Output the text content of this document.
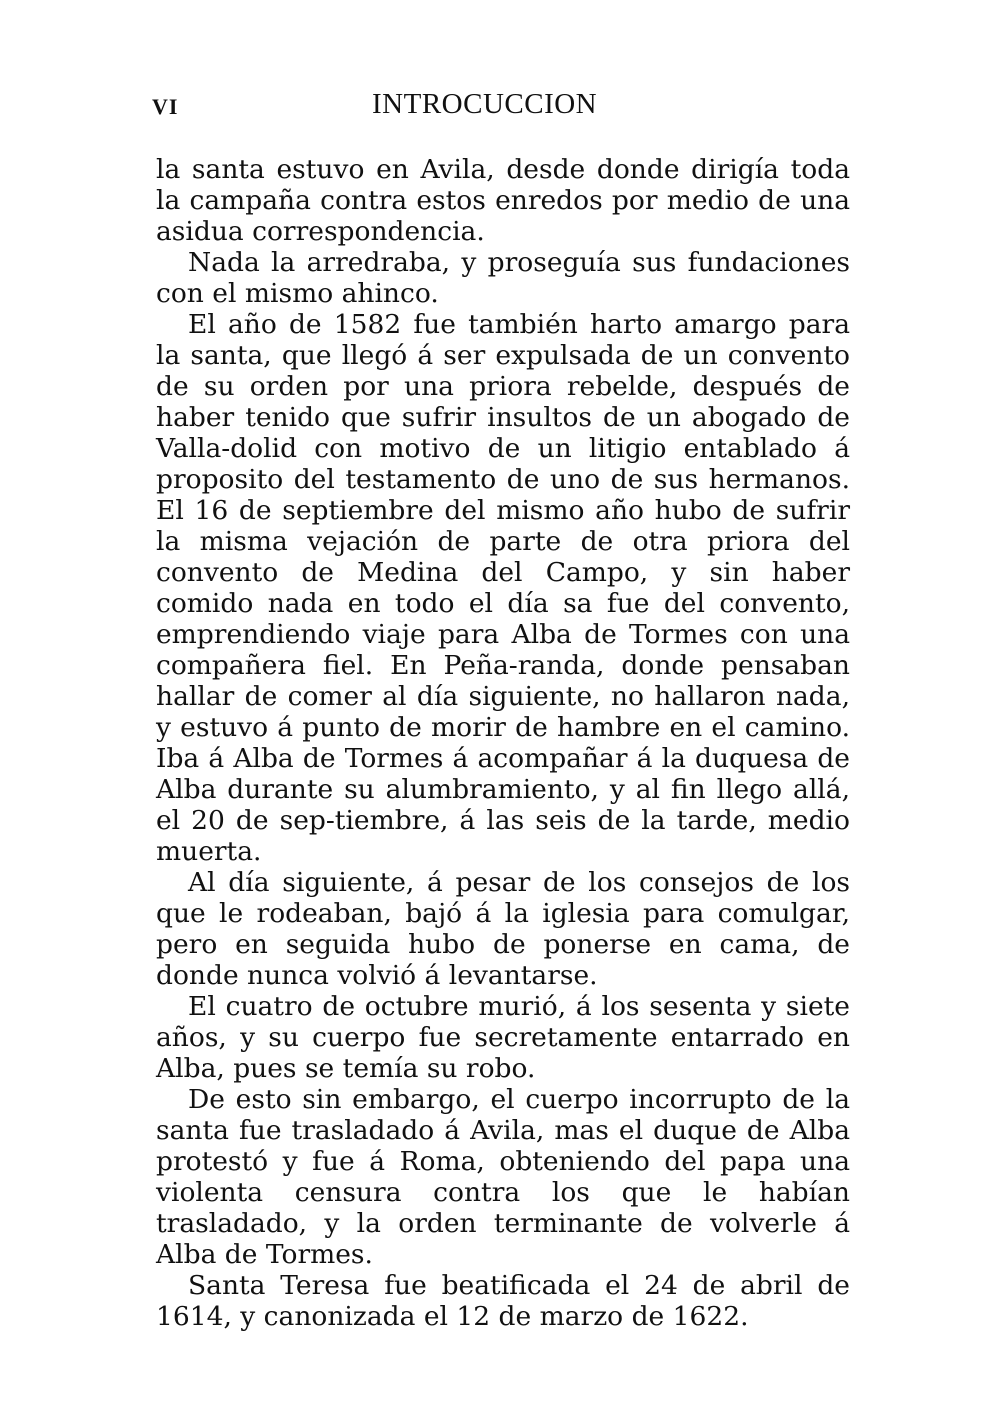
VI	INTROCUCCION

la santa estuvo en Avila, desde donde dirigía toda la campaña contra estos enredos por medio de una asidua correspondencia.

Nada la arredraba, y proseguía sus fundaciones con el mismo ahinco.

El año de 1582 fue también harto amargo para la santa, que llegó á ser expulsada de un convento de su orden por una priora rebelde, después de haber tenido que sufrir insultos de un abogado de Valla-dolid con motivo de un litigio entablado á proposito del testamento de uno de sus hermanos. El 16 de septiembre del mismo año hubo de sufrir la misma vejación de parte de otra priora del convento de Medina del Campo, y sin haber comido nada en todo el día sa fue del convento, emprendiendo viaje para Alba de Tormes con una compañera fiel. En Peña-randa, donde pensaban hallar de comer al día siguiente, no hallaron nada, y estuvo á punto de morir de hambre en el camino. Iba á Alba de Tormes á acompañar á la duquesa de Alba durante su alumbramiento, y al fin llego allá, el 20 de sep-tiembre, á las seis de la tarde, medio muerta.

Al día siguiente, á pesar de los consejos de los que le rodeaban, bajó á la iglesia para comulgar, pero en seguida hubo de ponerse en cama, de donde nunca volvió á levantarse.

El cuatro de octubre murió, á los sesenta y siete años, y su cuerpo fue secretamente entarrado en Alba, pues se temía su robo.

De esto sin embargo, el cuerpo incorrupto de la santa fue trasladado á Avila, mas el duque de Alba protestó y fue á Roma, obteniendo del papa una violenta censura contra los que le habían trasladado, y la orden terminante de volverle á Alba de Tormes.

Santa Teresa fue beatificada el 24 de abril de 1614, y canonizada el 12 de marzo de 1622.
